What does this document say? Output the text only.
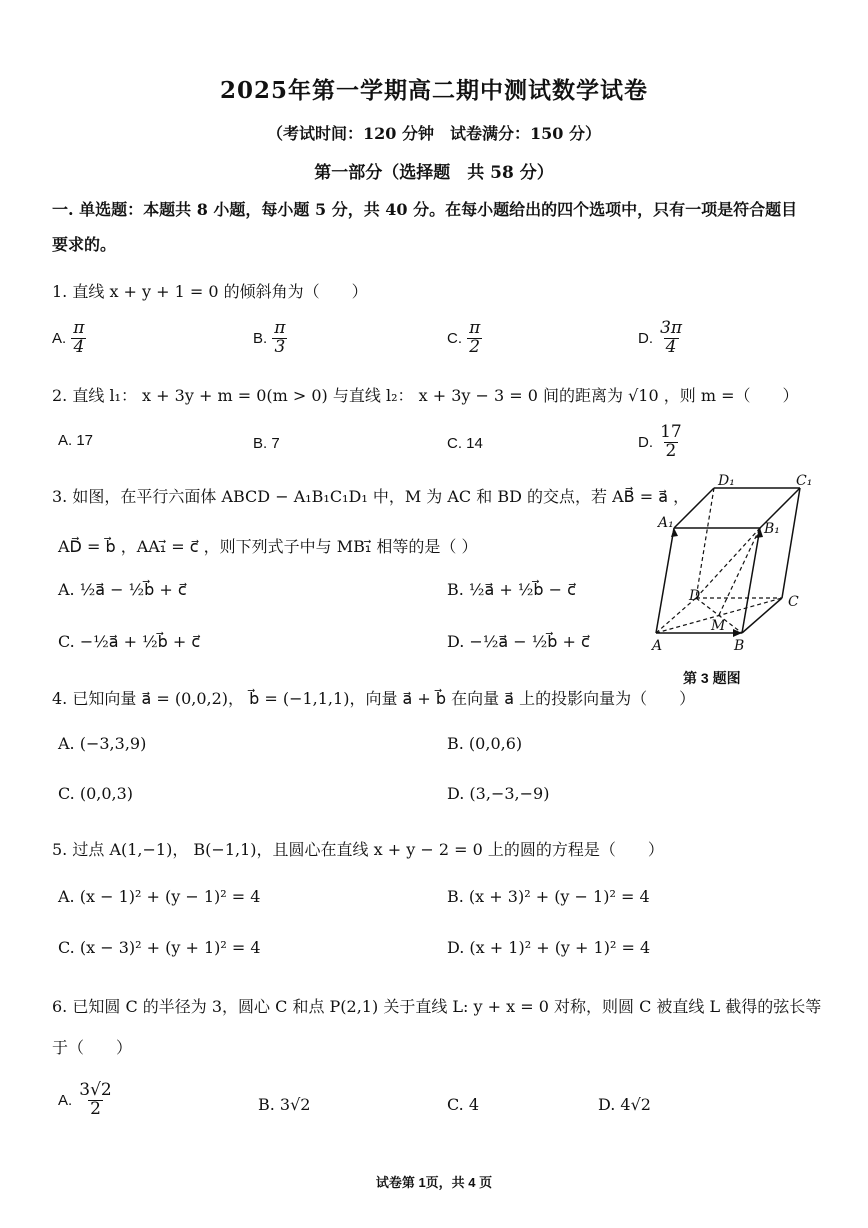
2025年第一学期高二期中测试数学试卷
（考试时间：120 分钟　试卷满分：150 分）
第一部分（选择题　共 58 分）
一. 单选题：本题共 8 小题，每小题 5 分，共 40 分。在每小题给出的四个选项中，只有一项是符合题目
要求的。
1. 直线 x + y + 1 = 0 的倾斜角为（　　）
A. $\frac{\pi}{4}$	B. $\frac{\pi}{3}$	C. $\frac{\pi}{2}$	D. $\frac{3\pi}{4}$
2. 直线 l₁： x + 3y + m = 0(m > 0) 与直线 l₂： x + 3y − 3 = 0 间的距离为 √10 ，则 m =（　　）
A. 17	B. 7	C. 14	D. $\frac{17}{2}$
3. 如图，在平行六面体 ABCD − A₁B₁C₁D₁ 中，M 为 AC 和 BD 的交点，若 AB⃗ = a⃗ ，
AD⃗ = b⃗ ，AA₁⃗ = c⃗ ，则下列式子中与 MB₁⃗ 相等的是（ ）
A. ½a⃗ − ½b⃗ + c⃗	B. ½a⃗ + ½b⃗ − c⃗
C. −½a⃗ + ½b⃗ + c⃗	D. −½a⃗ − ½b⃗ + c⃗
D₁	C₁
A₁	B₁
D	C
M
A	B
第 3 题图
4. 已知向量 a⃗ = (0,0,2)， b⃗ = (−1,1,1)，向量 a⃗ + b⃗ 在向量 a⃗ 上的投影向量为（　　）
A. (−3,3,9)	B. (0,0,6)
C. (0,0,3)	D. (3,−3,−9)
5. 过点 A(1,−1)， B(−1,1)，且圆心在直线 x + y − 2 = 0 上的圆的方程是（　　）
A. (x − 1)² + (y − 1)² = 4	B. (x + 3)² + (y − 1)² = 4
C. (x − 3)² + (y + 1)² = 4	D. (x + 1)² + (y + 1)² = 4
6. 已知圆 C 的半径为 3，圆心 C 和点 P(2,1) 关于直线 L: y + x = 0 对称，则圆 C 被直线 L 截得的弦长等
于（　　）
A. $\frac{3√2}{2}$	B. 3√2	C. 4	D. 4√2
试卷第 1页，共 4 页
